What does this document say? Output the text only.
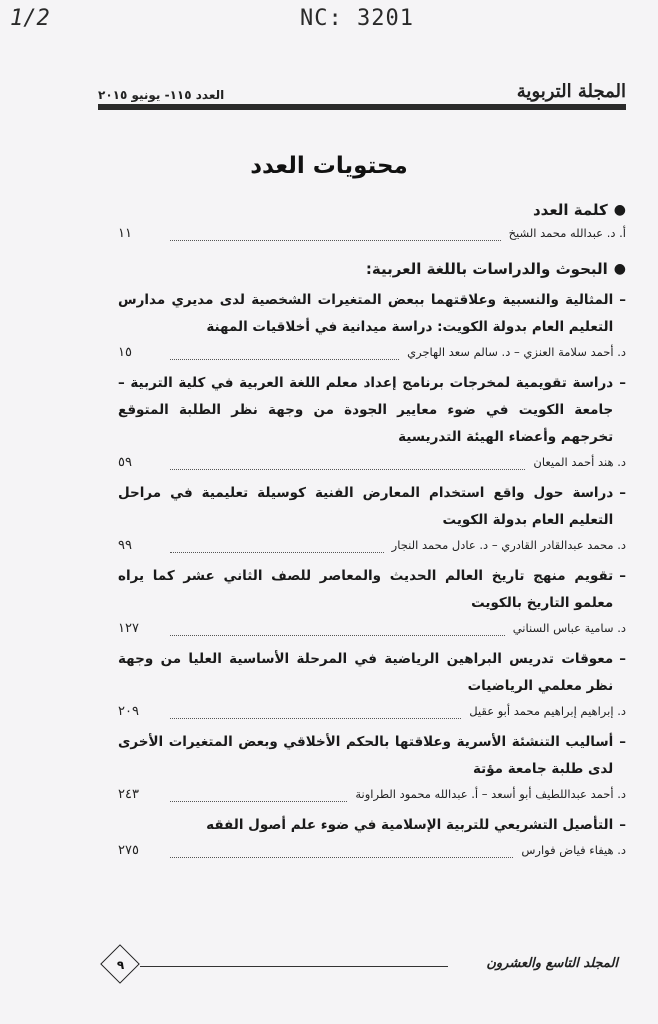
1/2	NC: 3201
المجلة التربوية
العدد ١١٥- يونيو ٢٠١٥
محتويات العدد
●
كلمة العدد
أ. د. عبدالله محمد الشيخ
١١
●
البحوث والدراسات باللغة العربية:
–
المثالية والنسبية وعلاقتهما ببعض المتغيرات الشخصية لدى مديري مدارس التعليم العام بدولة الكويت: دراسة ميدانية في أخلاقيات المهنة
د. أحمد سلامة العنزي – د. سالم سعد الهاجري
١٥
–
دراسة تقويمية لمخرجات برنامج إعداد معلم اللغة العربية في كلية التربية – جامعة الكويت في ضوء معايير الجودة من وجهة نظر الطلبة المتوقع تخرجهم وأعضاء الهيئة التدريسية
د. هند أحمد الميعان
٥٩
–
دراسة حول واقع استخدام المعارض الفنية كوسيلة تعليمية في مراحل التعليم العام بدولة الكويت
د. محمد عبدالقادر القادري – د. عادل محمد النجار
٩٩
–
تقويم منهج تاريخ العالم الحديث والمعاصر للصف الثاني عشر كما يراه معلمو التاريخ بالكويت
د. سامية عباس السناني
١٢٧
–
معوقات تدريس البراهين الرياضية في المرحلة الأساسية العليا من وجهة نظر معلمي الرياضيات
د. إبراهيم إبراهيم محمد أبو عقيل
٢٠٩
–
أساليب التنشئة الأسرية وعلاقتها بالحكم الأخلاقي وبعض المتغيرات الأخرى لدى طلبة جامعة مؤتة
د. أحمد عبداللطيف أبو أسعد – أ. عبدالله محمود الطراونة
٢٤٣
–
التأصيل التشريعي للتربية الإسلامية في ضوء علم أصول الفقه
د. هيفاء فياض فوارس
٢٧٥
المجلد التاسع والعشرون
٩
